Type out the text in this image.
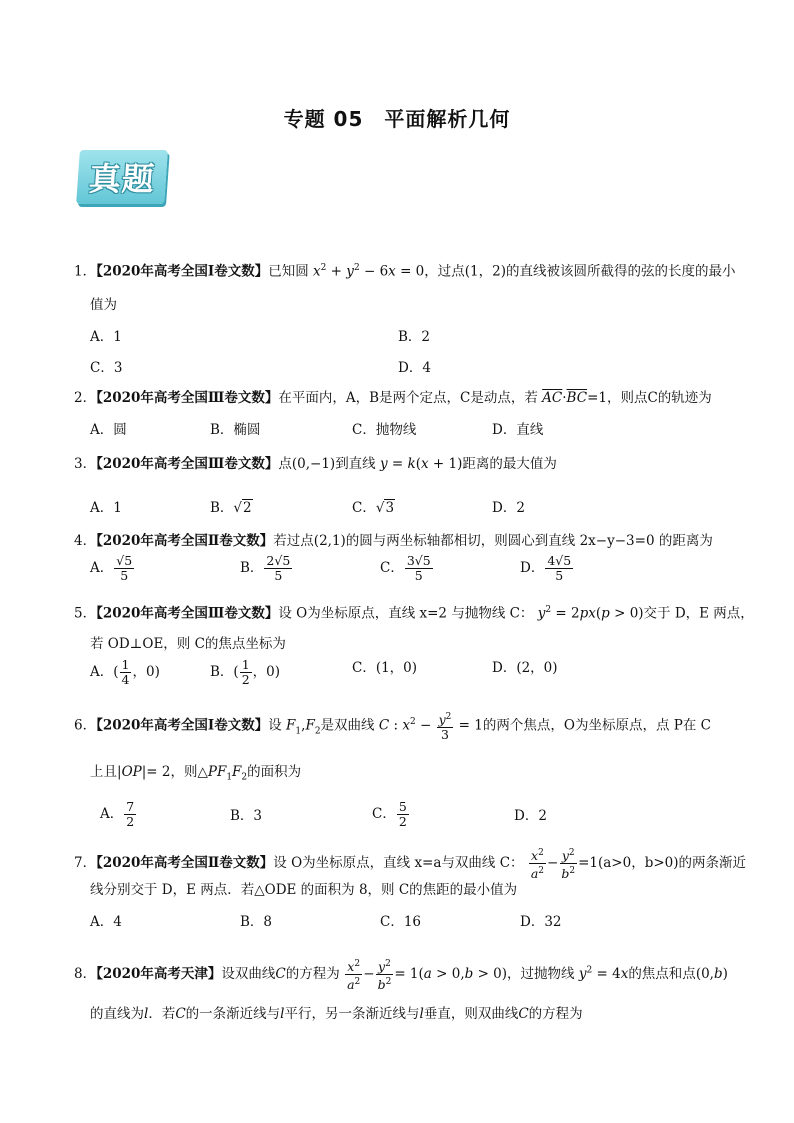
专题 05　平面解析几何
真题
1．【2020年高考全国Ⅰ卷文数】已知圆 $x^2 + y^2 - 6x = 0$，过点(1，2)的直线被该圆所截得的弦的长度的最小
值为
A．1	B．2
C．3	D．4
2．【2020年高考全国Ⅲ卷文数】在平面内，A，B是两个定点，C是动点，若 $\overline{AC}\cdot\overline{BC}=1$，则点C的轨迹为
A．圆	B．椭圆	C．抛物线	D．直线
3．【2020年高考全国Ⅲ卷文数】点(0,−1)到直线 y = k(x + 1)距离的最大值为
A．1	B．√2	C．√3	D．2
4．【2020年高考全国Ⅱ卷文数】若过点(2,1)的圆与两坐标轴都相切，则圆心到直线 2x−y−3=0 的距离为
A． $\frac{√5}{5}$	B． $\frac{2√5}{5}$	C． $\frac{3√5}{5}$	D． $\frac{4√5}{5}$
5．【2020年高考全国Ⅲ卷文数】设 O为坐标原点，直线 x=2 与抛物线 C： $y^2 = 2px(p > 0)$交于 D，E 两点，
若 OD⊥OE，则 C的焦点坐标为
A．( $\frac{1}{4}$ ，0)	B．( $\frac{1}{2}$ ，0)	C．(1，0)	D．(2，0)
6．【2020年高考全国Ⅰ卷文数】设 $F_1,F_2$是双曲线 C : $x^2 - \frac{y^2}{3} = 1$的两个焦点，O为坐标原点，点 P在 C
上且|OP|= 2，则$\triangle PF_1F_2$的面积为
A． $\frac{7}{2}$	B．3	C． $\frac{5}{2}$	D．2
7．【2020年高考全国Ⅱ卷文数】设 O为坐标原点，直线 x=a与双曲线 C： $\frac{x^2}{a^2} - \frac{y^2}{b^2} =1(a>0$，b>0)的两条渐近
线分别交于 D，E 两点．若△ODE 的面积为 8，则 C的焦距的最小值为
A．4	B．8	C．16	D．32
8．【2020年高考天津】设双曲线C的方程为 $\frac{x^2}{a^2} - \frac{y^2}{b^2} = 1(a > 0,b > 0)$，过抛物线 $y^2 = 4x$的焦点和点(0,b)
的直线为l．若C的一条渐近线与l平行，另一条渐近线与l垂直，则双曲线C的方程为
